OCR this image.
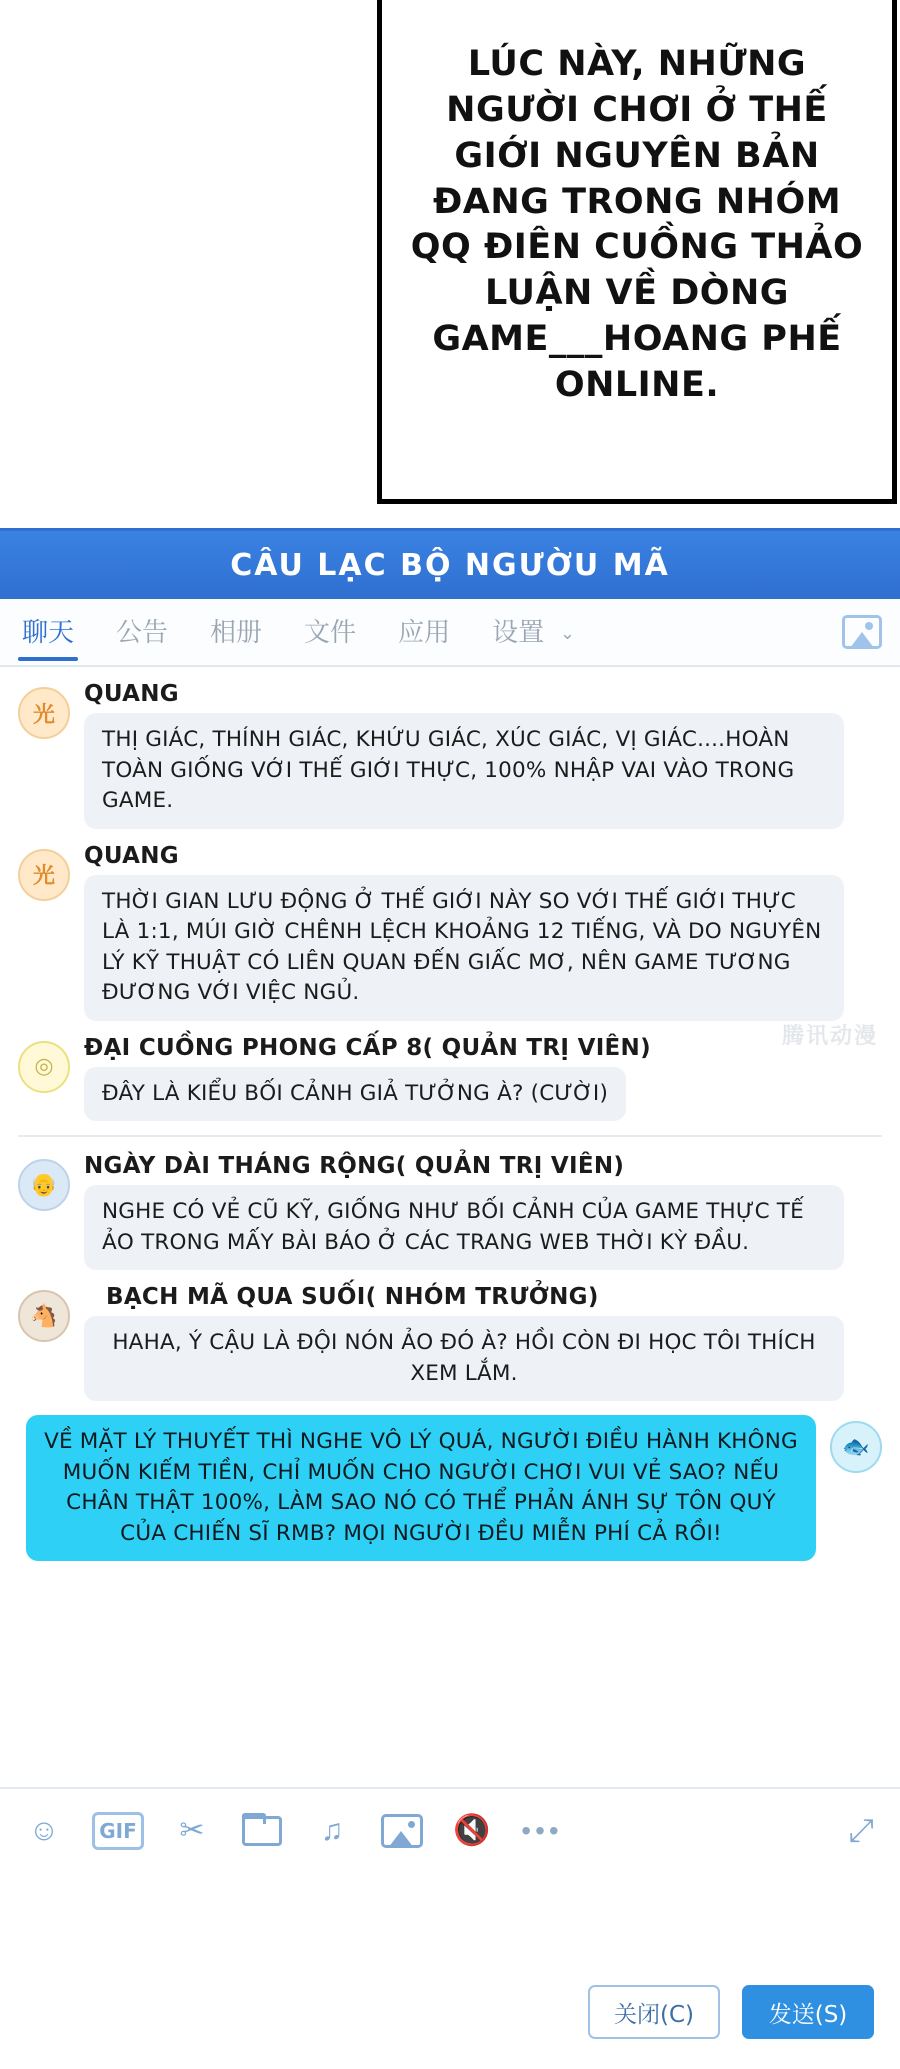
LÚC NÀY, NHỮNG NGƯỜI CHƠI Ở THẾ GIỚI NGUYÊN BẢN ĐANG TRONG NHÓM QQ ĐIÊN CUỒNG THẢO LUẬN VỀ DÒNG GAME___HOANG PHẾ ONLINE.
CÂU LẠC BỘ NGƯỜU MÃ
聊天 公告 相册 文件 应用 设置 ⌄
光
QUANG
THỊ GIÁC, THÍNH GIÁC, KHỨU GIÁC, XÚC GIÁC, VỊ GIÁC....HOÀN TOÀN GIỐNG VỚI THẾ GIỚI THỰC, 100% NHẬP VAI VÀO TRONG GAME.
光
QUANG
THỜI GIAN LƯU ĐỘNG Ở THẾ GIỚI NÀY SO VỚI THẾ GIỚI THỰC LÀ 1:1, MÚI GIỜ CHÊNH LỆCH KHOẢNG 12 TIẾNG, VÀ DO NGUYÊN LÝ KỸ THUẬT CÓ LIÊN QUAN ĐẾN GIẤC MƠ, NÊN GAME TƯƠNG ĐƯƠNG VỚI VIỆC NGỦ.
◎
ĐẠI CUỒNG PHONG CẤP 8( QUẢN TRỊ VIÊN)
ĐÂY LÀ KIỂU BỐI CẢNH GIẢ TƯỞNG À? (CƯỜI)
👴
NGÀY DÀI THÁNG RỘNG( QUẢN TRỊ VIÊN)
NGHE CÓ VẺ CŨ KỸ, GIỐNG NHƯ BỐI CẢNH CỦA GAME THỰC TẾ ẢO TRONG MẤY BÀI BÁO Ở CÁC TRANG WEB THỜI KỲ ĐẦU.
🐴
BẠCH MÃ QUA SUỐI( NHÓM TRƯỞNG)
HAHA, Ý CẬU LÀ ĐỘI NÓN ẢO ĐÓ À? HỒI CÒN ĐI HỌC TÔI THÍCH XEM LẮM.
VỀ MẶT LÝ THUYẾT THÌ NGHE VÔ LÝ QUÁ, NGƯỜI ĐIỀU HÀNH KHÔNG MUỐN KIẾM TIỀN, CHỈ MUỐN CHO NGƯỜI CHƠI VUI VẺ SAO? NẾU CHÂN THẬT 100%, LÀM SAO NÓ CÓ THỂ PHẢN ÁNH SỰ TÔN QUÝ CỦA CHIẾN SĨ RMB? MỌI NGƯỜI ĐỀU MIỄN PHÍ CẢ RỒI!
🐟
腾讯动漫
☺	GIF	✂	♫	🔇 •••	⤢
关闭(C)	发送(S)
